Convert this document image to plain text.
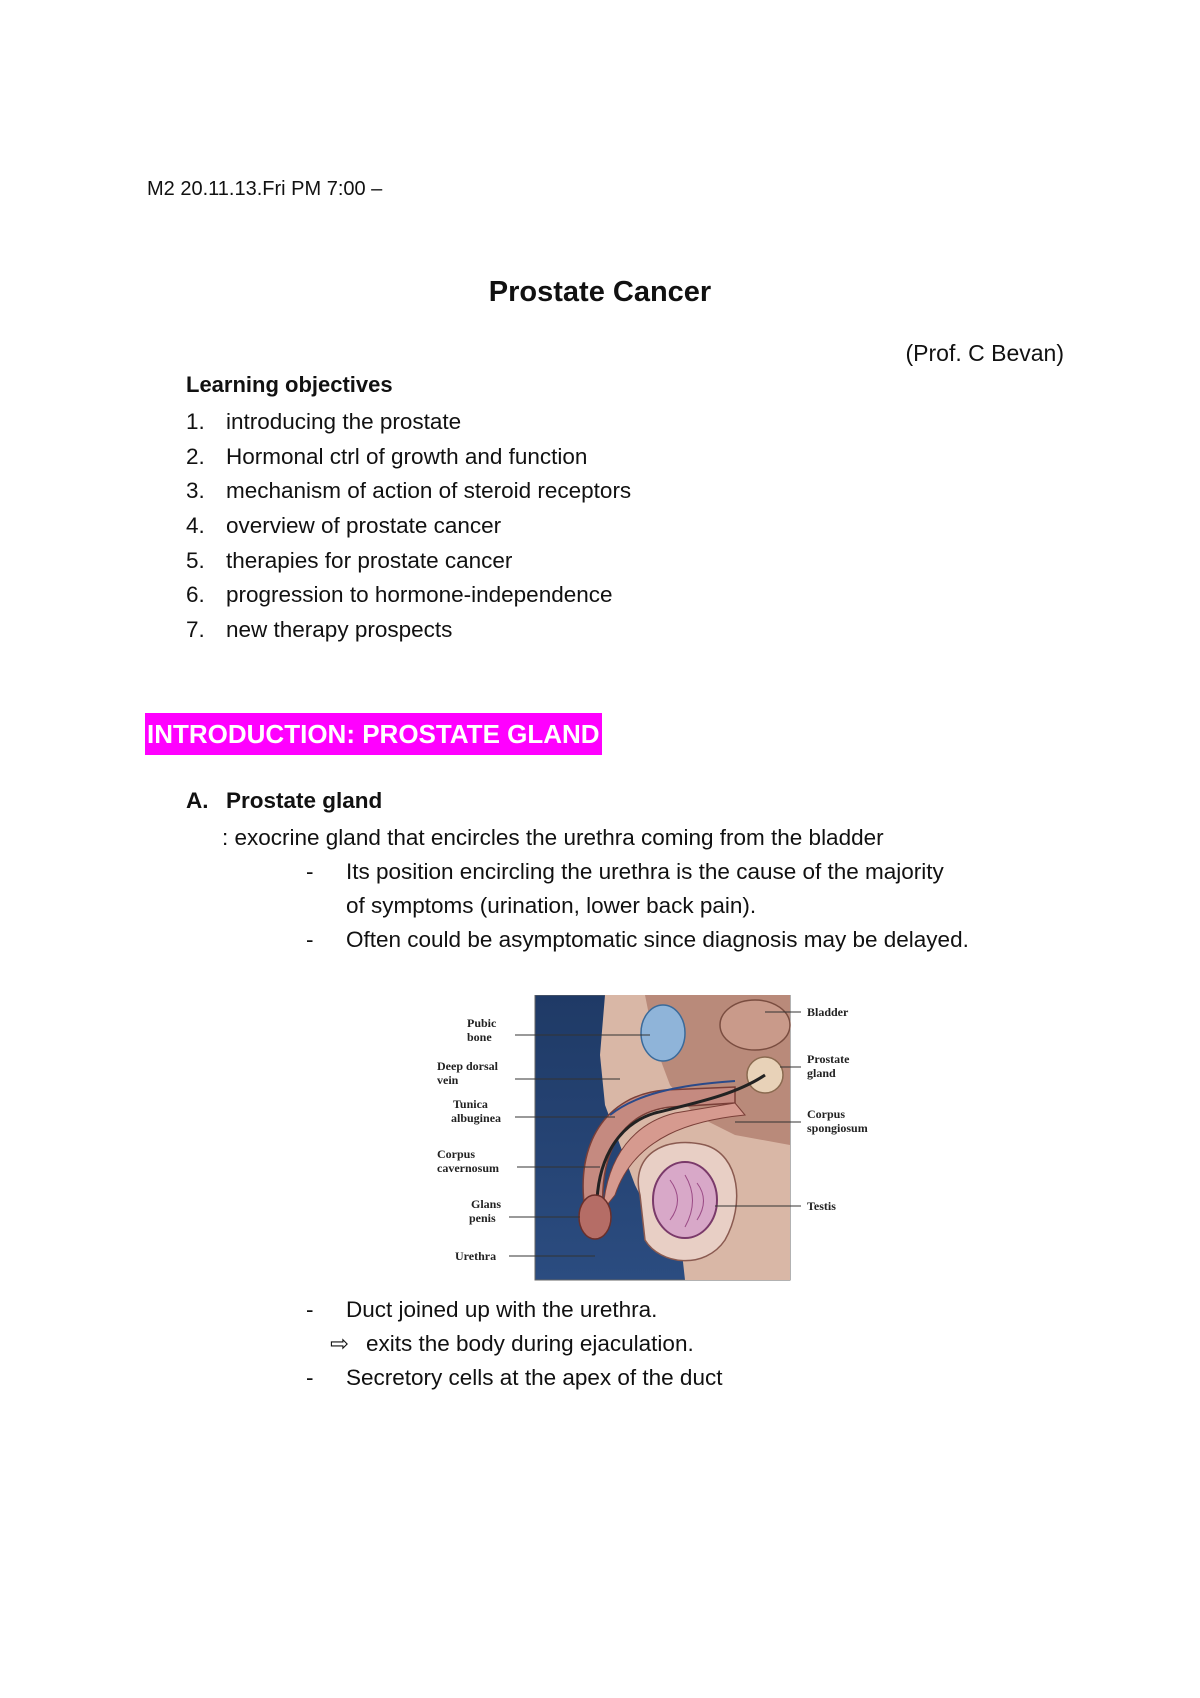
M2 20.11.13.Fri PM 7:00 –
Prostate Cancer
(Prof. C Bevan)
Learning objectives
1. introducing the prostate
2. Hormonal ctrl of growth and function
3. mechanism of action of steroid receptors
4. overview of prostate cancer
5. therapies for prostate cancer
6. progression to hormone-independence
7. new therapy prospects
INTRODUCTION: PROSTATE GLAND
A. Prostate gland
: exocrine gland that encircles the urethra coming from the bladder
- Its position encircling the urethra is the cause of the majority
of symptoms (urination, lower back pain).
- Often could be asymptomatic since diagnosis may be delayed.
Pubic bone
Deep dorsal vein
Tunica albuginea
Corpus cavernosum
Glans penis
Urethra
Bladder
Prostate gland
Corpus spongiosum
Testis
- Duct joined up with the urethra.
⇨ exits the body during ejaculation.
- Secretory cells at the apex of the duct
